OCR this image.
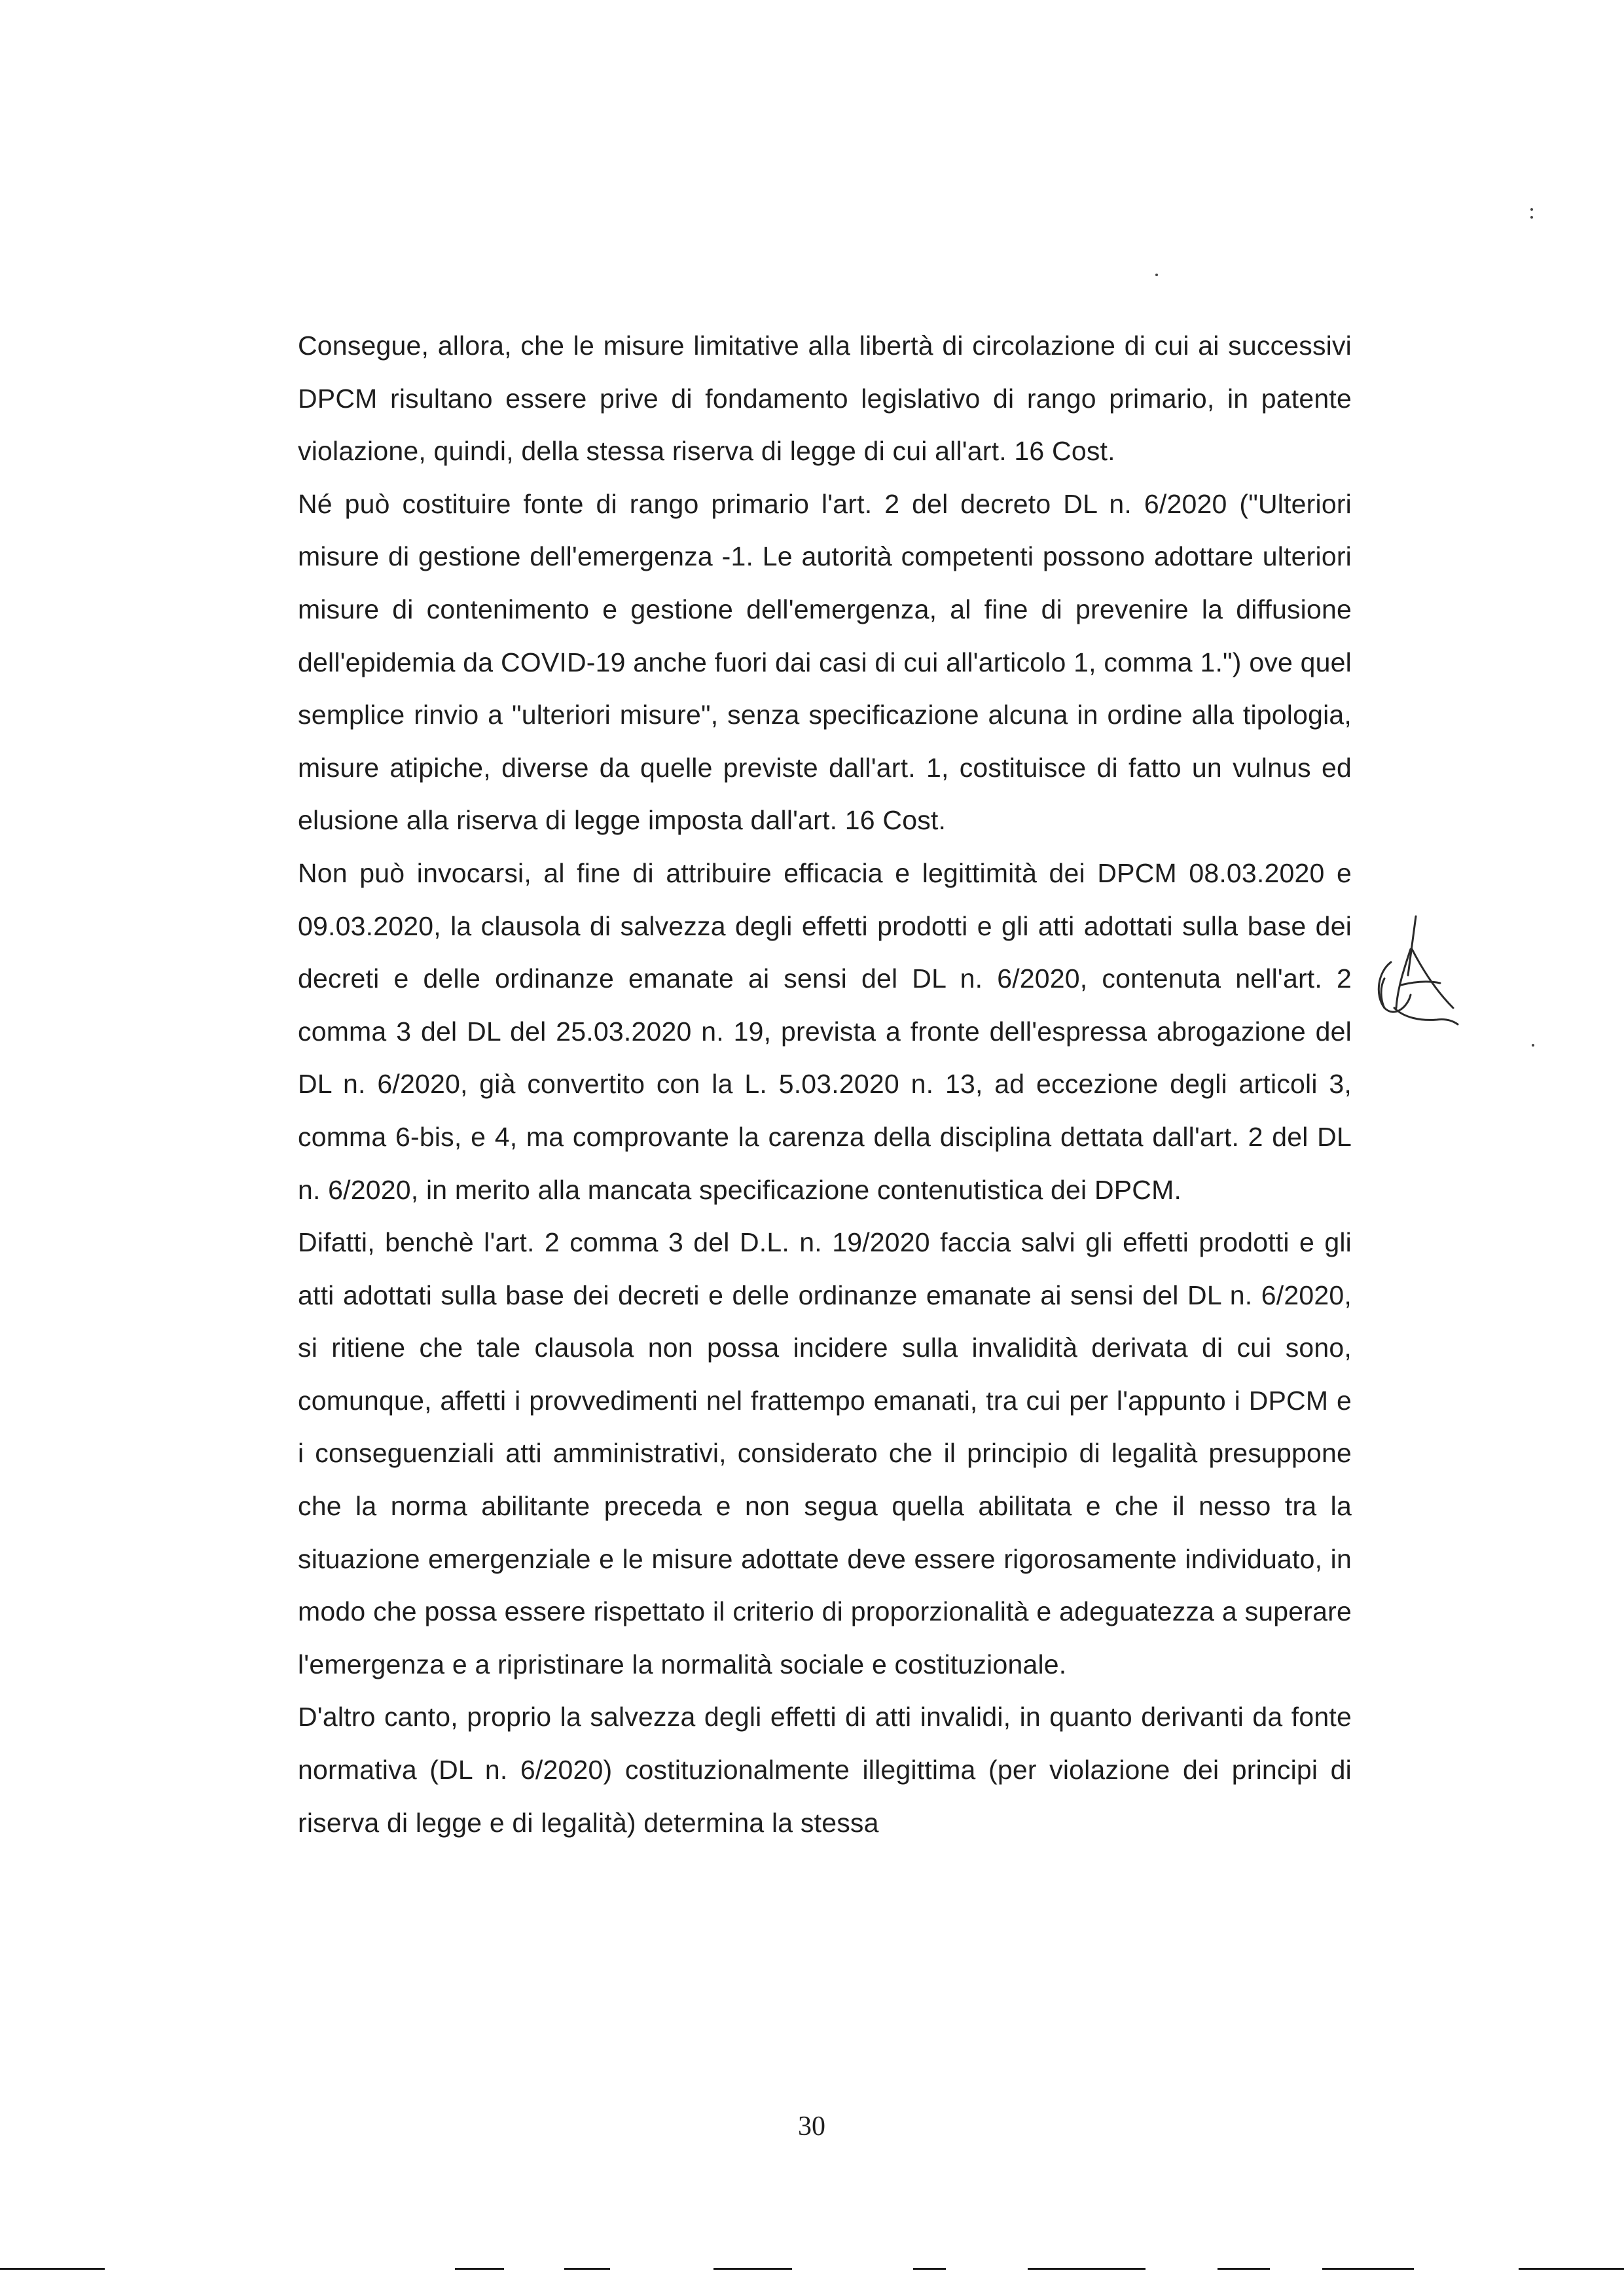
Consegue, allora, che le misure limitative alla libertà di circolazione di cui ai successivi DPCM risultano essere prive di fondamento legislativo di rango primario, in patente violazione, quindi, della stessa riserva di legge di cui all'art. 16 Cost.

Né può costituire fonte di rango primario l'art. 2 del decreto DL n. 6/2020 ("Ulteriori misure di gestione dell'emergenza -1. Le autorità competenti possono adottare ulteriori misure di contenimento e gestione dell'emergenza, al fine di prevenire la diffusione dell'epidemia da COVID-19 anche fuori dai casi di cui all'articolo 1, comma 1.") ove quel semplice rinvio a "ulteriori misure", senza specificazione alcuna in ordine alla tipologia, misure atipiche, diverse da quelle previste dall'art. 1, costituisce di fatto un vulnus ed elusione alla riserva di legge imposta dall'art. 16 Cost.

Non può invocarsi, al fine di attribuire efficacia e legittimità dei DPCM 08.03.2020 e 09.03.2020, la clausola di salvezza degli effetti prodotti e gli atti adottati sulla base dei decreti e delle ordinanze emanate ai sensi del DL n. 6/2020, contenuta nell'art. 2 comma 3 del DL del 25.03.2020 n. 19, prevista a fronte dell'espressa abrogazione del DL n. 6/2020, già convertito con la L. 5.03.2020 n. 13, ad eccezione degli articoli 3, comma 6-bis, e 4, ma comprovante la carenza della disciplina dettata dall'art. 2 del DL n. 6/2020, in merito alla mancata specificazione contenutistica dei DPCM.

Difatti, benchè l'art. 2 comma 3 del D.L. n. 19/2020 faccia salvi gli effetti prodotti e gli atti adottati sulla base dei decreti e delle ordinanze emanate ai sensi del DL n. 6/2020, si ritiene che tale clausola non possa incidere sulla invalidità derivata di cui sono, comunque, affetti i provvedimenti nel frattempo emanati, tra cui per l'appunto i DPCM e i conseguenziali atti amministrativi, considerato che il principio di legalità presuppone che la norma abilitante preceda e non segua quella abilitata e che il nesso tra la situazione emergenziale e le misure adottate deve essere rigorosamente individuato, in modo che possa essere rispettato il criterio di proporzionalità e adeguatezza a superare l'emergenza e a ripristinare la normalità sociale e costituzionale.

D'altro canto, proprio la salvezza degli effetti di atti invalidi, in quanto derivanti da fonte normativa (DL n. 6/2020) costituzionalmente illegittima (per violazione dei principi di riserva di legge e di legalità) determina la stessa

30
